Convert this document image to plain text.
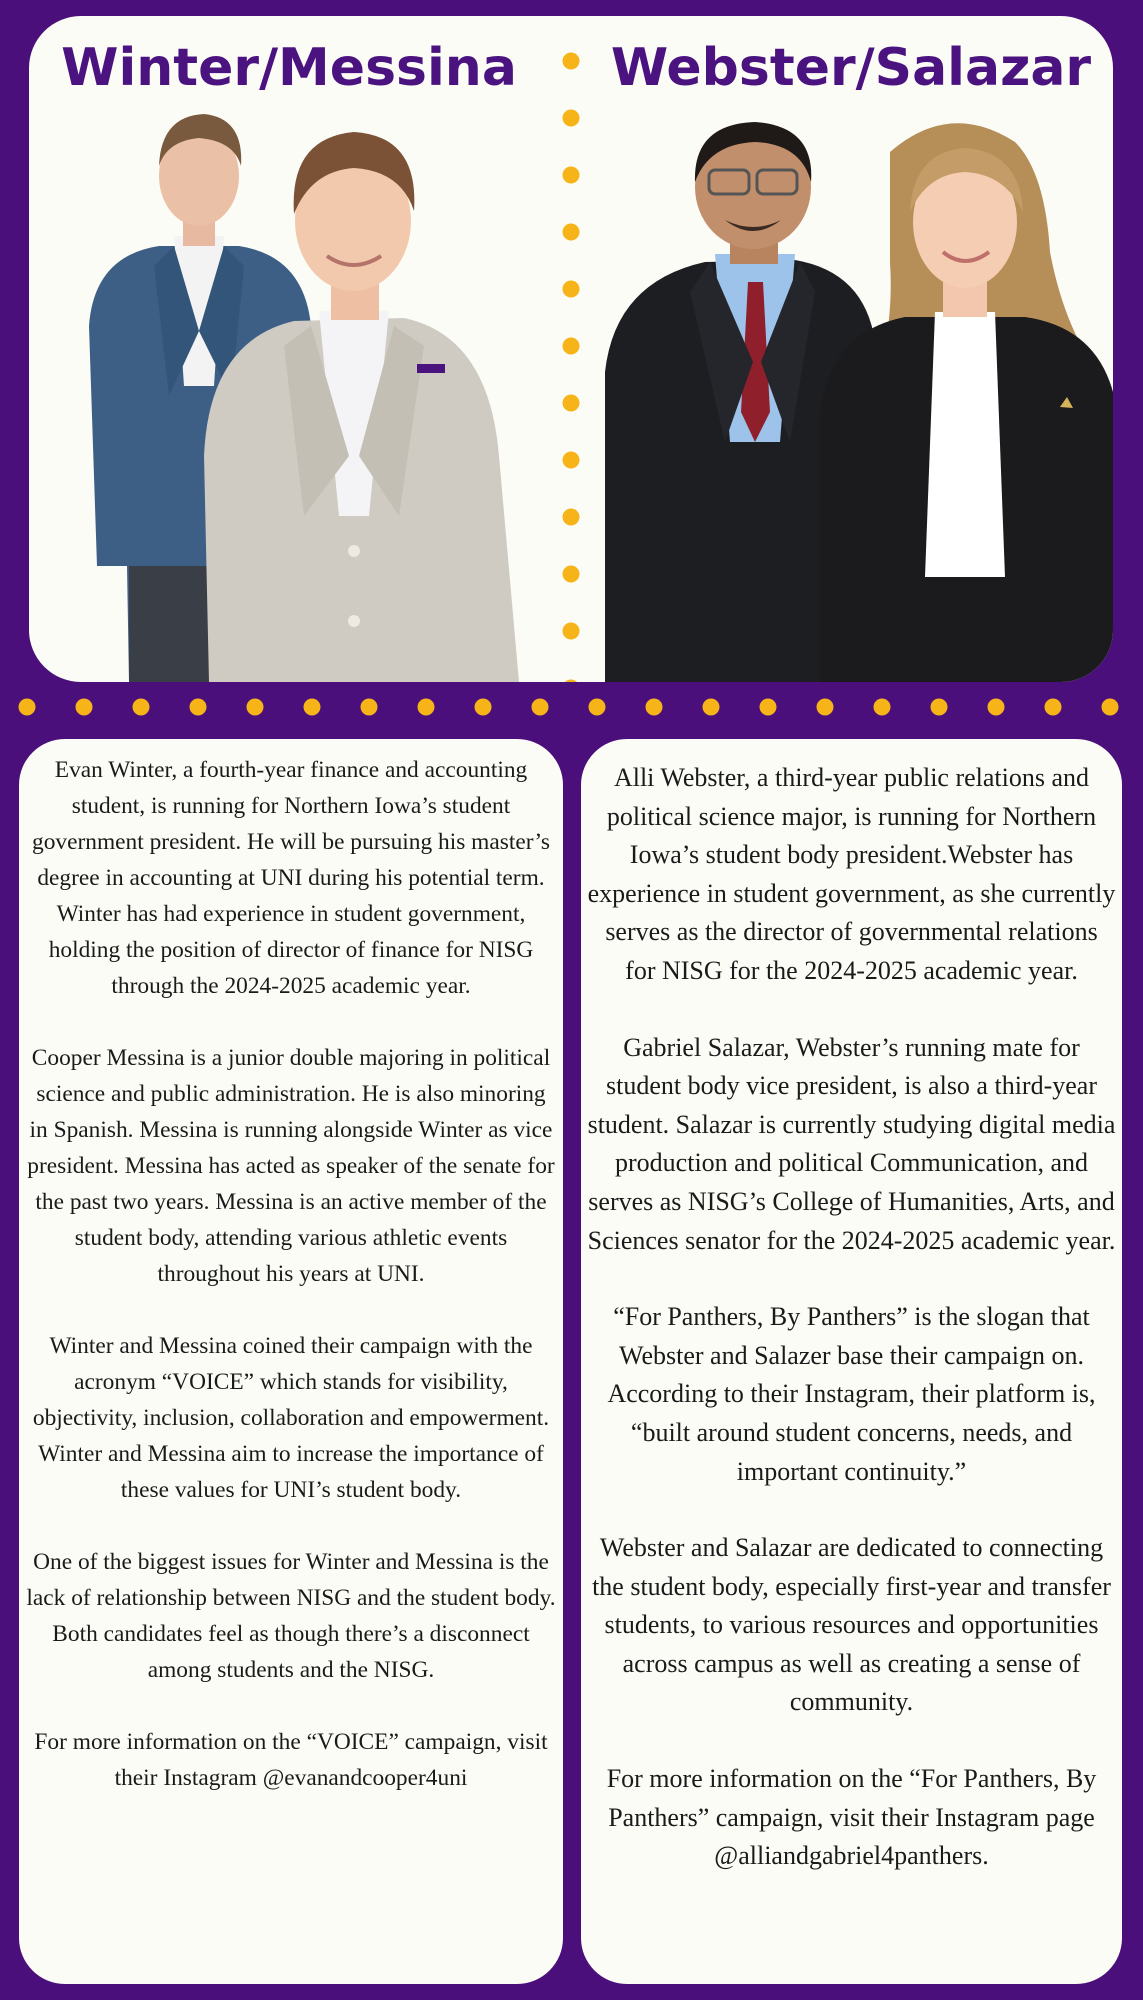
Winter/Messina	Webster/Salazar

Evan Winter, a fourth-year finance and accounting student, is running for Northern Iowa’s student government president. He will be pursuing his master’s degree in accounting at UNI during his potential term. Winter has had experience in student government, holding the position of director of finance for NISG through the 2024-2025 academic year.

Cooper Messina is a junior double majoring in political science and public administration. He is also minoring in Spanish. Messina is running alongside Winter as vice president. Messina has acted as speaker of the senate for the past two years. Messina is an active member of the student body, attending various athletic events throughout his years at UNI.

Winter and Messina coined their campaign with the acronym “VOICE” which stands for visibility, objectivity, inclusion, collaboration and empowerment. Winter and Messina aim to increase the importance of these values for UNI’s student body.

One of the biggest issues for Winter and Messina is the lack of relationship between NISG and the student body. Both candidates feel as though there’s a disconnect among students and the NISG.

For more information on the “VOICE” campaign, visit their Instagram @evanandcooper4uni

Alli Webster, a third-year public relations and political science major, is running for Northern Iowa’s student body president.Webster has experience in student government, as she currently serves as the director of governmental relations for NISG for the 2024-2025 academic year.

Gabriel Salazar, Webster’s running mate for student body vice president, is also a third-year student. Salazar is currently studying digital media production and political Communication, and serves as NISG’s College of Humanities, Arts, and Sciences senator for the 2024-2025 academic year.

“For Panthers, By Panthers” is the slogan that Webster and Salazer base their campaign on. According to their Instagram, their platform is, “built around student concerns, needs, and important continuity.”

Webster and Salazar are dedicated to connecting the student body, especially first-year and transfer students, to various resources and opportunities across campus as well as creating a sense of community.

For more information on the “For Panthers, By Panthers” campaign, visit their Instagram page @alliandgabriel4panthers.
